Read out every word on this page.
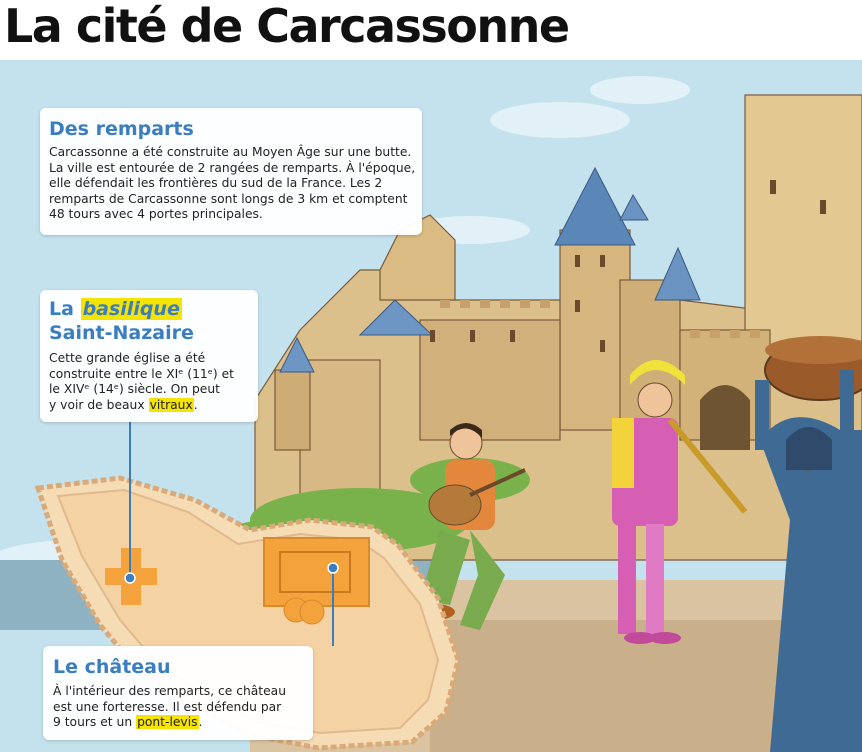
La cité de Carcassonne
Des remparts

Carcassonne a été construite au Moyen Âge sur une butte. La ville est entourée de 2 rangées de remparts. À l'époque, elle défendait les frontières du sud de la France. Les 2 remparts de Carcassonne sont longs de 3 km et comptent 48 tours avec 4 portes principales.

La basilique
Saint-Nazaire

Cette grande église a été
construite entre le XIᵉ (11ᵉ) et
le XIVᵉ (14ᵉ) siècle. On peut
y voir de beaux vitraux.

Le château

À l'intérieur des remparts, ce château
est une forteresse. Il est défendu par
9 tours et un pont-levis.
